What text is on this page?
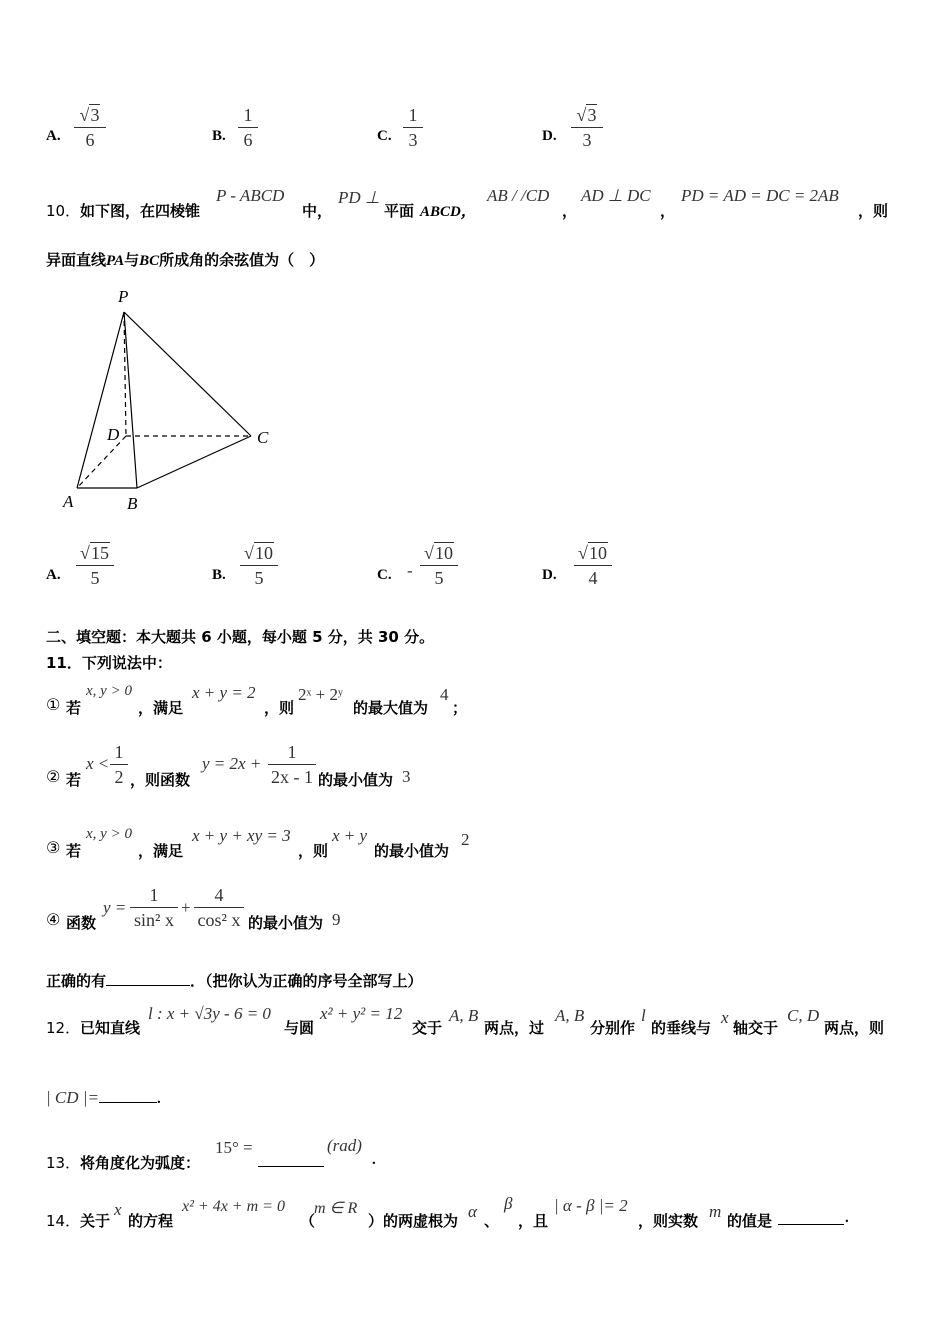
A.
√3
6	B.
1
6	C.
1
3	D.
√3
3
10． 如下图，在四棱锥
P - ABCD
中，
PD ⊥
平面 ABCD，
AB / /CD
，
AD ⊥ DC
，
PD = AD = DC = 2AB
，则
异面直线PA与BC所成角的余弦值为（　）
P
D	C
A	B
A.
√15
5	B.
√10
5	C. -
√10
5	D.
√10
4
二、填空题：本大题共 6 小题，每小题 5 分，共 30 分。
11．下列说法中：
① 若
x, y > 0
，满足
x + y = 2
，则
2ˣ + 2ʸ
的最大值为
4
；
② 若
x <
1
2 ，则函数
y = 2x +
1
2x - 1 的最小值为 3
③ 若
x, y > 0
，满足
x + y + xy = 3
，则
x + y
的最小值为
2
④ 函数
y =
1
sin² x
+
4
cos² x 的最小值为 9
正确的有	．（把你认为正确的序号全部写上）
12． 已知直线
l : x + √3y - 6 = 0
与圆
x² + y² = 12
交于
A, B
两点，过
A, B
分别作
l
的垂线与
x
轴交于
C, D
两点，则
| CD |=	.
13． 将角度化为弧度：
15° =	(rad)
.
14． 关于
x
的方程
x² + 4x + m = 0
（
m ∈ R
）的两虚根为 α 、
β
，且
| α - β |= 2
，则实数 m 的值是	.
